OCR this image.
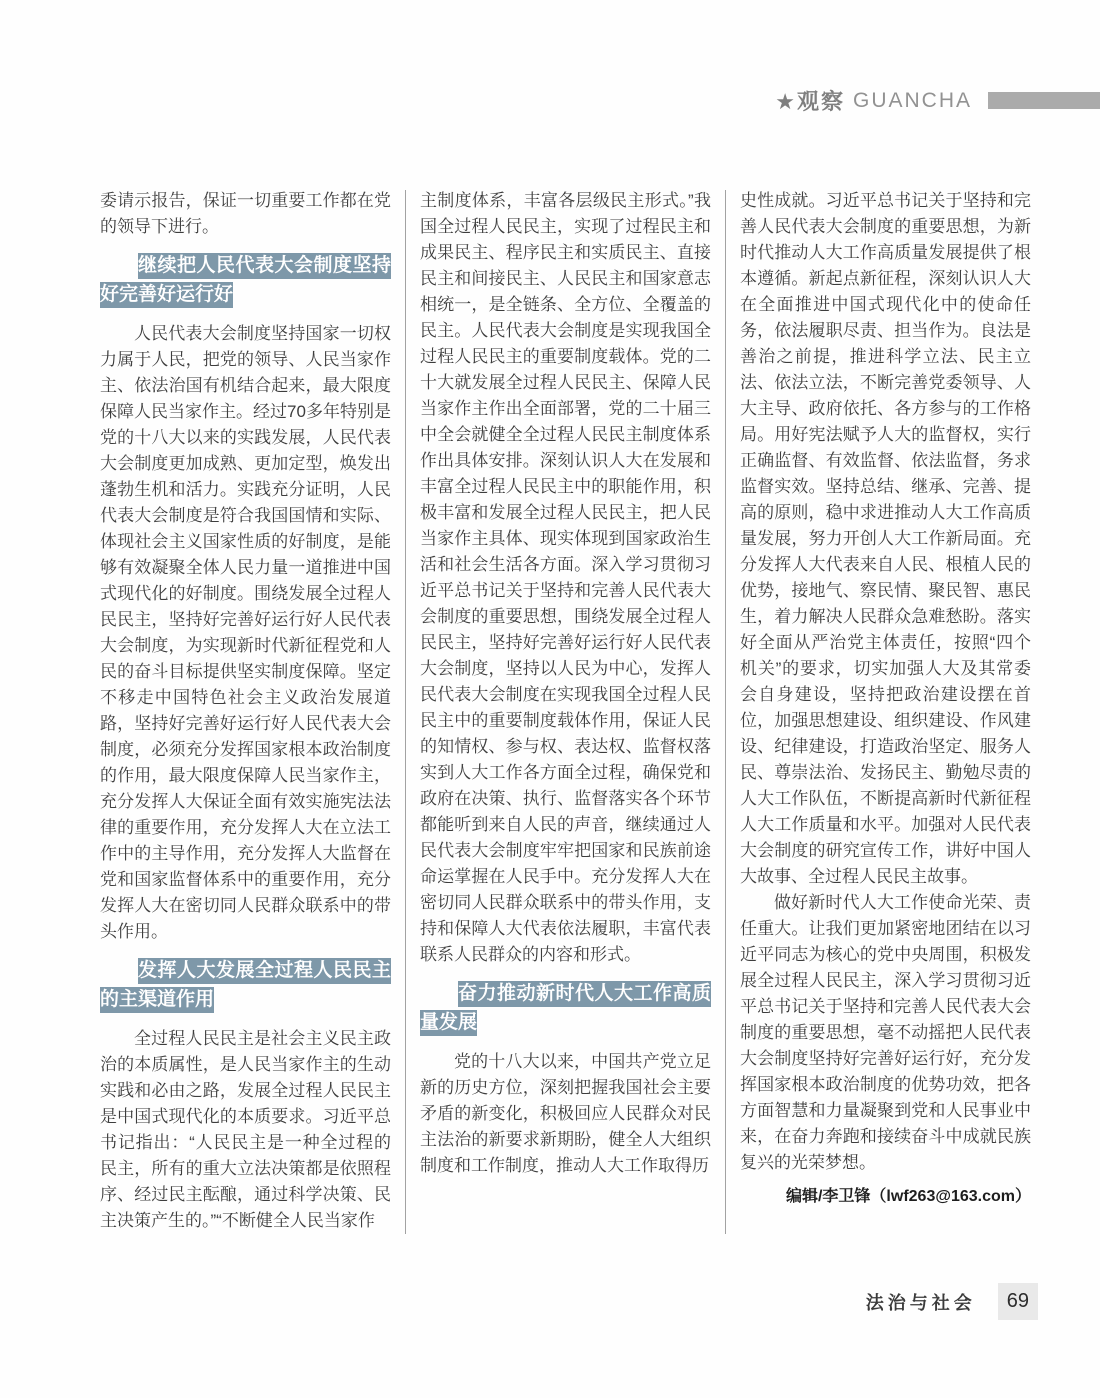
★观察 GUANCHA

委请示报告，保证一切重要工作都在党的领导下进行。

继续把人民代表大会制度坚持好完善好运行好

人民代表大会制度坚持国家一切权力属于人民，把党的领导、人民当家作主、依法治国有机结合起来，最大限度保障人民当家作主。经过70多年特别是党的十八大以来的实践发展，人民代表大会制度更加成熟、更加定型，焕发出蓬勃生机和活力。实践充分证明，人民代表大会制度是符合我国国情和实际、体现社会主义国家性质的好制度，是能够有效凝聚全体人民力量一道推进中国式现代化的好制度。围绕发展全过程人民民主，坚持好完善好运行好人民代表大会制度，为实现新时代新征程党和人民的奋斗目标提供坚实制度保障。坚定不移走中国特色社会主义政治发展道路，坚持好完善好运行好人民代表大会制度，必须充分发挥国家根本政治制度的作用，最大限度保障人民当家作主，充分发挥人大保证全面有效实施宪法法律的重要作用，充分发挥人大在立法工作中的主导作用，充分发挥人大监督在党和国家监督体系中的重要作用，充分发挥人大在密切同人民群众联系中的带头作用。

发挥人大发展全过程人民民主的主渠道作用

全过程人民民主是社会主义民主政治的本质属性，是人民当家作主的生动实践和必由之路，发展全过程人民民主是中国式现代化的本质要求。习近平总书记指出：“人民民主是一种全过程的民主，所有的重大立法决策都是依照程序、经过民主酝酿，通过科学决策、民主决策产生的。”“不断健全人民当家作

主制度体系，丰富各层级民主形式。”我国全过程人民民主，实现了过程民主和成果民主、程序民主和实质民主、直接民主和间接民主、人民民主和国家意志相统一，是全链条、全方位、全覆盖的民主。人民代表大会制度是实现我国全过程人民民主的重要制度载体。党的二十大就发展全过程人民民主、保障人民当家作主作出全面部署，党的二十届三中全会就健全全过程人民民主制度体系作出具体安排。深刻认识人大在发展和丰富全过程人民民主中的职能作用，积极丰富和发展全过程人民民主，把人民当家作主具体、现实体现到国家政治生活和社会生活各方面。深入学习贯彻习近平总书记关于坚持和完善人民代表大会制度的重要思想，围绕发展全过程人民民主，坚持好完善好运行好人民代表大会制度，坚持以人民为中心，发挥人民代表大会制度在实现我国全过程人民民主中的重要制度载体作用，保证人民的知情权、参与权、表达权、监督权落实到人大工作各方面全过程，确保党和政府在决策、执行、监督落实各个环节都能听到来自人民的声音，继续通过人民代表大会制度牢牢把国家和民族前途命运掌握在人民手中。充分发挥人大在密切同人民群众联系中的带头作用，支持和保障人大代表依法履职，丰富代表联系人民群众的内容和形式。

奋力推动新时代人大工作高质量发展

党的十八大以来，中国共产党立足新的历史方位，深刻把握我国社会主要矛盾的新变化，积极回应人民群众对民主法治的新要求新期盼，健全人大组织制度和工作制度，推动人大工作取得历

史性成就。习近平总书记关于坚持和完善人民代表大会制度的重要思想，为新时代推动人大工作高质量发展提供了根本遵循。新起点新征程，深刻认识人大在全面推进中国式现代化中的使命任务，依法履职尽责、担当作为。良法是善治之前提，推进科学立法、民主立法、依法立法，不断完善党委领导、人大主导、政府依托、各方参与的工作格局。用好宪法赋予人大的监督权，实行正确监督、有效监督、依法监督，务求监督实效。坚持总结、继承、完善、提高的原则，稳中求进推动人大工作高质量发展，努力开创人大工作新局面。充分发挥人大代表来自人民、根植人民的优势，接地气、察民情、聚民智、惠民生，着力解决人民群众急难愁盼。落实好全面从严治党主体责任，按照“四个机关”的要求，切实加强人大及其常委会自身建设，坚持把政治建设摆在首位，加强思想建设、组织建设、作风建设、纪律建设，打造政治坚定、服务人民、尊崇法治、发扬民主、勤勉尽责的人大工作队伍，不断提高新时代新征程人大工作质量和水平。加强对人民代表大会制度的研究宣传工作，讲好中国人大故事、全过程人民民主故事。

做好新时代人大工作使命光荣、责任重大。让我们更加紧密地团结在以习近平同志为核心的党中央周围，积极发展全过程人民民主，深入学习贯彻习近平总书记关于坚持和完善人民代表大会制度的重要思想，毫不动摇把人民代表大会制度坚持好完善好运行好，充分发挥国家根本政治制度的优势功效，把各方面智慧和力量凝聚到党和人民事业中来，在奋力奔跑和接续奋斗中成就民族复兴的光荣梦想。

编辑/李卫锋（lwf263@163.com）

法治与社会	69
